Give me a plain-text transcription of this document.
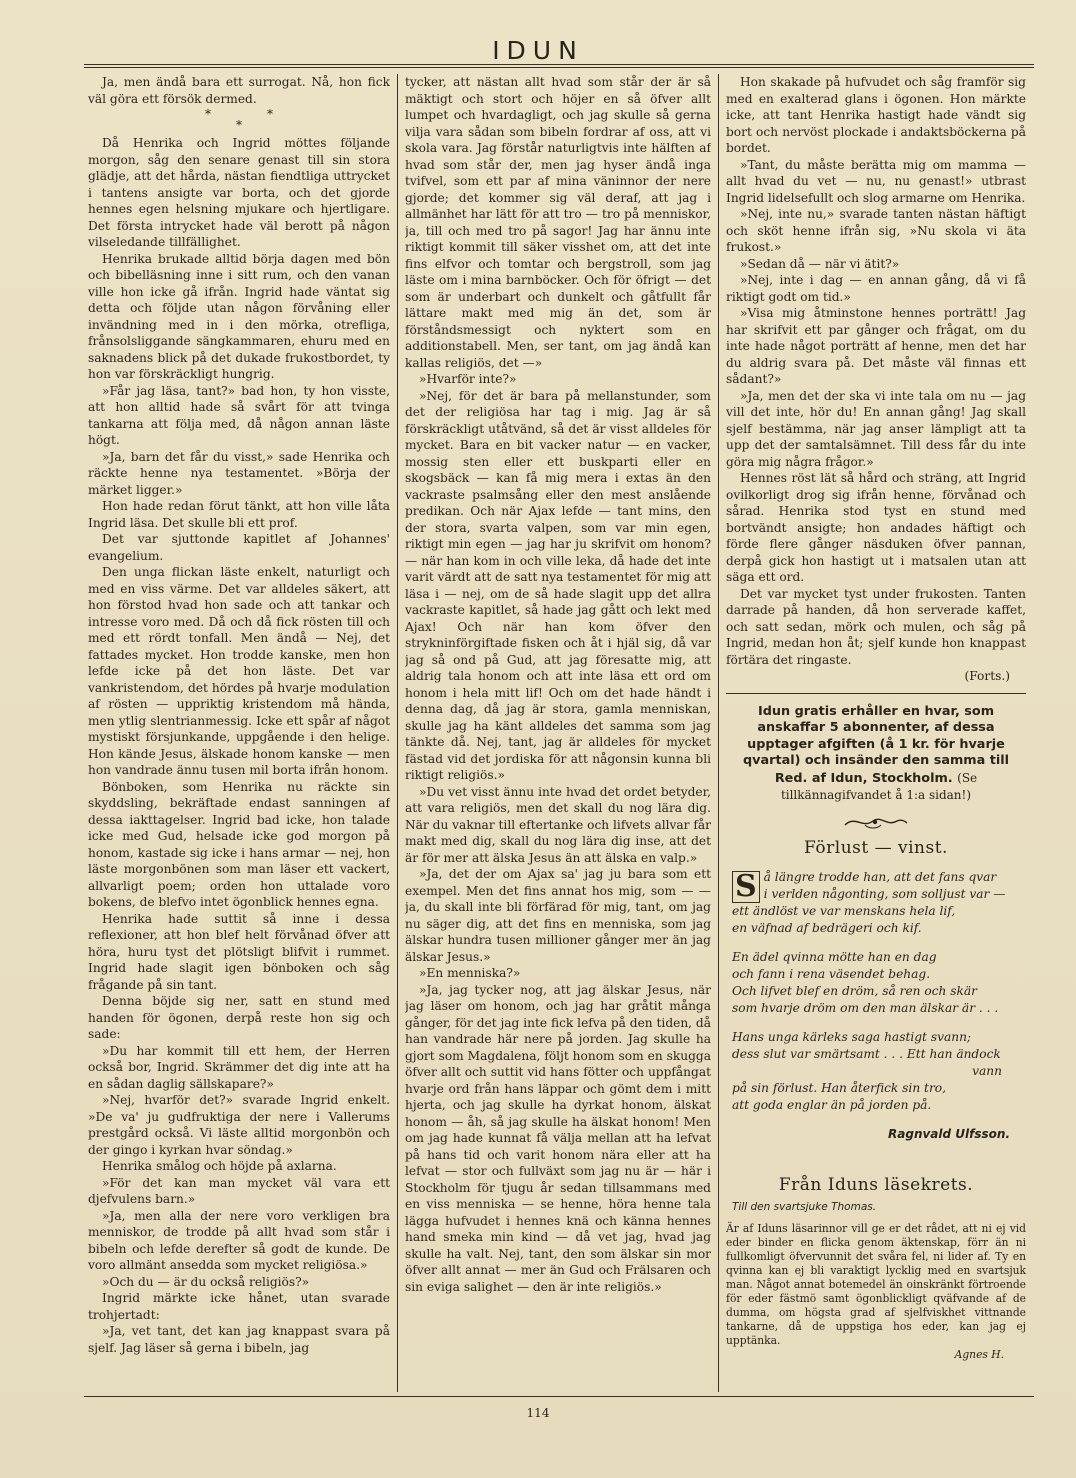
IDUN

Ja, men ändå bara ett surrogat. Nå, hon fick väl göra ett försök dermed.

*	*
*

Då Henrika och Ingrid möttes följande morgon, såg den senare genast till sin stora glädje, att det hårda, nästan fiendtliga uttrycket i tantens ansigte var borta, och det gjorde hennes egen helsning mjukare och hjertligare. Det första intrycket hade väl berott på någon vilseledande tillfällighet.

Henrika brukade alltid börja dagen med bön och bibelläsning inne i sitt rum, och den vanan ville hon icke gå ifrån. Ingrid hade väntat sig detta och följde utan någon förvåning eller invändning med in i den mörka, otrefliga, frånsolsliggande sängkammaren, ehuru med en saknadens blick på det dukade frukostbordet, ty hon var förskräckligt hungrig.

»Får jag läsa, tant?» bad hon, ty hon visste, att hon alltid hade så svårt för att tvinga tankarna att följa med, då någon annan läste högt.

»Ja, barn det får du visst,» sade Henrika och räckte henne nya testamentet. »Börja der märket ligger.»

Hon hade redan förut tänkt, att hon ville låta Ingrid läsa. Det skulle bli ett prof.

Det var sjuttonde kapitlet af Johannes' evangelium.

Den unga flickan läste enkelt, naturligt och med en viss värme. Det var alldeles säkert, att hon förstod hvad hon sade och att tankar och intresse voro med. Då och då fick rösten till och med ett rördt tonfall. Men ändå — Nej, det fattades mycket. Hon trodde kanske, men hon lefde icke på det hon läste. Det var vankristendom, det hördes på hvarje modulation af rösten — uppriktig kristendom må hända, men ytlig slentrianmessig. Icke ett spår af något mystiskt försjunkande, uppgående i den helige. Hon kände Jesus, älskade honom kanske — men hon vandrade ännu tusen mil borta ifrån honom.

Bönboken, som Henrika nu räckte sin skyddsling, bekräftade endast sanningen af dessa iakttagelser. Ingrid bad icke, hon talade icke med Gud, helsade icke god morgon på honom, kastade sig icke i hans armar — nej, hon läste morgonbönen som man läser ett vackert, allvarligt poem; orden hon uttalade voro bokens, de blefvo intet ögonblick hennes egna.

Henrika hade suttit så inne i dessa reflexioner, att hon blef helt förvånad öfver att höra, huru tyst det plötsligt blifvit i rummet. Ingrid hade slagit igen bönboken och såg frågande på sin tant.

Denna böjde sig ner, satt en stund med handen för ögonen, derpå reste hon sig och sade:

»Du har kommit till ett hem, der Herren också bor, Ingrid. Skrämmer det dig inte att ha en sådan daglig sällskapare?»

»Nej, hvarför det?» svarade Ingrid enkelt. »De va' ju gudfruktiga der nere i Vallerums prestgård också. Vi läste alltid morgonbön och der gingo i kyrkan hvar söndag.»

Henrika smålog och höjde på axlarna.

»För det kan man mycket väl vara ett djefvulens barn.»

»Ja, men alla der nere voro verkligen bra menniskor, de trodde på allt hvad som står i bibeln och lefde derefter så godt de kunde. De voro allmänt ansedda som mycket religiösa.»

»Och du — är du också religiös?»

Ingrid märkte icke hånet, utan svarade trohjertadt:

»Ja, vet tant, det kan jag knappast svara på sjelf. Jag läser så gerna i bibeln, jag

tycker, att nästan allt hvad som står der är så mäktigt och stort och höjer en så öfver allt lumpet och hvardagligt, och jag skulle så gerna vilja vara sådan som bibeln fordrar af oss, att vi skola vara. Jag förstår naturligtvis inte hälften af hvad som står der, men jag hyser ändå inga tvifvel, som ett par af mina väninnor der nere gjorde; det kommer sig väl deraf, att jag i allmänhet har lätt för att tro — tro på menniskor, ja, till och med tro på sagor! Jag har ännu inte riktigt kommit till säker visshet om, att det inte fins elfvor och tomtar och bergstroll, som jag läste om i mina barnböcker. Och för öfrigt — det som är underbart och dunkelt och gåtfullt får lättare makt med mig än det, som är förståndsmessigt och nyktert som en additionstabell. Men, ser tant, om jag ändå kan kallas religiös, det —»

»Hvarför inte?»

»Nej, för det är bara på mellanstunder, som det der religiösa har tag i mig. Jag är så förskräckligt utåtvänd, så det är visst alldeles för mycket. Bara en bit vacker natur — en vacker, mossig sten eller ett buskparti eller en skogsbäck — kan få mig mera i extas än den vackraste psalmsång eller den mest anslående predikan. Och när Ajax lefde — tant mins, den der stora, svarta valpen, som var min egen, riktigt min egen — jag har ju skrifvit om honom? — när han kom in och ville leka, då hade det inte varit värdt att de satt nya testamentet för mig att läsa i — nej, om de så hade slagit upp det allra vackraste kapitlet, så hade jag gått och lekt med Ajax! Och när han kom öfver den strykninförgiftade fisken och åt i hjäl sig, då var jag så ond på Gud, att jag föresatte mig, att aldrig tala honom och att inte läsa ett ord om honom i hela mitt lif! Och om det hade händt i denna dag, då jag är stora, gamla menniskan, skulle jag ha känt alldeles det samma som jag tänkte då. Nej, tant, jag är alldeles för mycket fästad vid det jordiska för att någonsin kunna bli riktigt religiös.»

»Du vet visst ännu inte hvad det ordet betyder, att vara religiös, men det skall du nog lära dig. När du vaknar till eftertanke och lifvets allvar får makt med dig, skall du nog lära dig inse, att det är för mer att älska Jesus än att älska en valp.»

»Ja, det der om Ajax sa' jag ju bara som ett exempel. Men det fins annat hos mig, som — — ja, du skall inte bli förfärad för mig, tant, om jag nu säger dig, att det fins en menniska, som jag älskar hundra tusen millioner gånger mer än jag älskar Jesus.»

»En menniska?»

»Ja, jag tycker nog, att jag älskar Jesus, när jag läser om honom, och jag har gråtit många gånger, för det jag inte fick lefva på den tiden, då han vandrade här nere på jorden. Jag skulle ha gjort som Magdalena, följt honom som en skugga öfver allt och suttit vid hans fötter och uppfångat hvarje ord från hans läppar och gömt dem i mitt hjerta, och jag skulle ha dyrkat honom, älskat honom — åh, så jag skulle ha älskat honom! Men om jag hade kunnat få välja mellan att ha lefvat på hans tid och varit honom nära eller att ha lefvat — stor och fullväxt som jag nu är — här i Stockholm för tjugu år sedan tillsammans med en viss menniska — se henne, höra henne tala lägga hufvudet i hennes knä och känna hennes hand smeka min kind — då vet jag, hvad jag skulle ha valt. Nej, tant, den som älskar sin mor öfver allt annat — mer än Gud och Frälsaren och sin eviga salighet — den är inte religiös.»

Hon skakade på hufvudet och såg framför sig med en exalterad glans i ögonen. Hon märkte icke, att tant Henrika hastigt hade vändt sig bort och nervöst plockade i andaktsböckerna på bordet.

»Tant, du måste berätta mig om mamma — allt hvad du vet — nu, nu genast!» utbrast Ingrid lidelsefullt och slog armarne om Henrika.

»Nej, inte nu,» svarade tanten nästan häftigt och sköt henne ifrån sig, »Nu skola vi äta frukost.»

»Sedan då — när vi ätit?»

»Nej, inte i dag — en annan gång, då vi få riktigt godt om tid.»

»Visa mig åtminstone hennes porträtt! Jag har skrifvit ett par gånger och frågat, om du inte hade något porträtt af henne, men det har du aldrig svara på. Det måste väl finnas ett sådant?»

»Ja, men det der ska vi inte tala om nu — jag vill det inte, hör du! En annan gång! Jag skall sjelf bestämma, när jag anser lämpligt att ta upp det der samtalsämnet. Till dess får du inte göra mig några frågor.»

Hennes röst lät så hård och sträng, att Ingrid ovilkorligt drog sig ifrån henne, förvånad och sårad. Henrika stod tyst en stund med bortvändt ansigte; hon andades häftigt och förde flere gånger näsduken öfver pannan, derpå gick hon hastigt ut i matsalen utan att säga ett ord.

Det var mycket tyst under frukosten. Tanten darrade på handen, då hon serverade kaffet, och satt sedan, mörk och mulen, och såg på Ingrid, medan hon åt; sjelf kunde hon knappast förtära det ringaste.

(Forts.)

Idun gratis erhåller en hvar, som anskaffar 5 abonnenter, af dessa upptager afgiften (å 1 kr. för hvarje qvartal) och insänder den samma till Red. af Idun, Stockholm. (Se tillkännagifvandet å 1:a sidan!)
Förlust — vinst.
S å längre trodde han, att det fans qvar
i verlden någonting, som solljust var —
ett ändlöst ve var menskans hela lif,
en väfnad af bedrägeri och kif.
En ädel qvinna mötte han en dag
och fann i rena väsendet behag.
Och lifvet blef en dröm, så ren och skär
som hvarje dröm om den man älskar är . . .
Hans unga kärleks saga hastigt svann;
dess slut var smärtsamt . . . Ett han ändock
vann
på sin förlust. Han återfick sin tro,
att goda englar än på jorden på.
Ragnvald Ulfsson.
Från Iduns läsekrets.
Till den svartsjuke Thomas.

Är af Iduns läsarinnor vill ge er det rådet, att ni ej vid eder binder en flicka genom äktenskap, förr än ni fullkomligt öfvervunnit det svåra fel, ni lider af. Ty en qvinna kan ej bli varaktigt lycklig med en svartsjuk man. Något annat botemedel än oinskränkt förtroende för eder fästmö samt ögonblickligt qväfvande af de dumma, om högsta grad af sjelfviskhet vittnande tankarne, då de uppstiga hos eder, kan jag ej upptänka.

Agnes H.
114
